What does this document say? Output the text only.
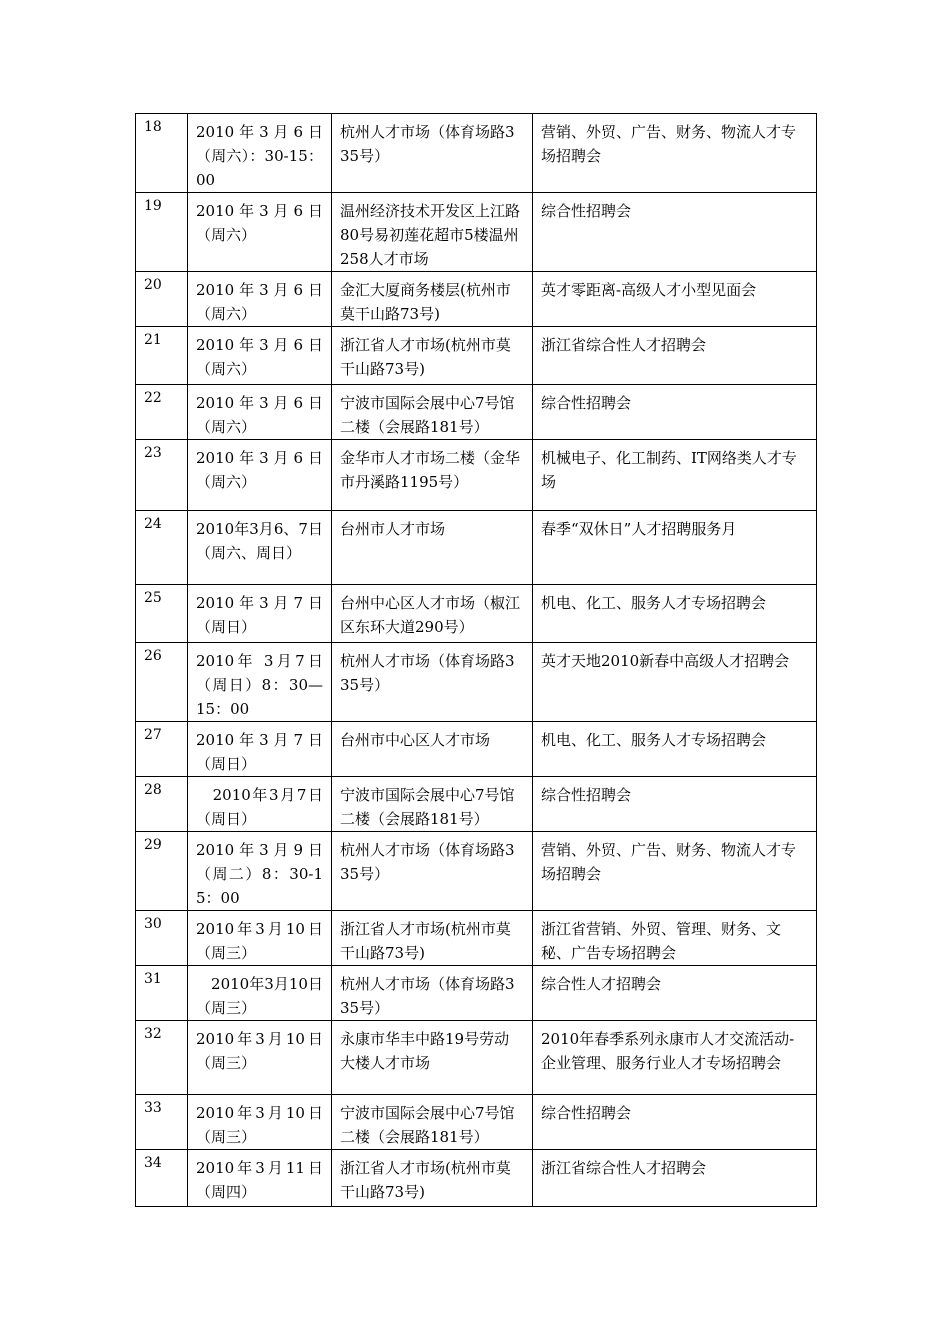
18	2010年3月6日（周六）：30-15：00	杭州人才市场（体育场路335号）	营销、外贸、广告、财务、物流人才专场招聘会
19	2010年3月6日（周六）	温州经济技术开发区上江路80号易初莲花超市5楼温州258人才市场	综合性招聘会
20	2010年3月6日（周六）	金汇大厦商务楼层(杭州市莫干山路73号)	英才零距离-高级人才小型见面会
21	2010年3月6日（周六）	浙江省人才市场(杭州市莫干山路73号)	浙江省综合性人才招聘会
22	2010年3月6日（周六）	宁波市国际会展中心7号馆二楼（会展路181号）	综合性招聘会
23	2010年3月6日（周六）	金华市人才市场二楼（金华市丹溪路1195号）	机械电子、化工制药、IT网络类人才专场
24	2010年3月6、7日（周六、周日）	台州市人才市场	春季“双休日”人才招聘服务月
25	2010年3月7日（周日）	台州中心区人才市场（椒江区东环大道290号）	机电、化工、服务人才专场招聘会
26	2010年 3月7日（周日）8：30—15：00	杭州人才市场（体育场路335号）	英才天地2010新春中高级人才招聘会
27	2010年3月7日（周日）	台州市中心区人才市场	机电、化工、服务人才专场招聘会
28	　2010年3月7日（周日）	宁波市国际会展中心7号馆二楼（会展路181号）	综合性招聘会
29	2010年3月9日（周二）8：30-15：00	杭州人才市场（体育场路335号）	营销、外贸、广告、财务、物流人才专场招聘会
30	2010年3月10日（周三）	浙江省人才市场(杭州市莫干山路73号)	浙江省营销、外贸、管理、财务、文秘、广告专场招聘会
31	　2010年3月10日（周三）	杭州人才市场（体育场路335号）	综合性人才招聘会
32	2010年3月10日（周三）	永康市华丰中路19号劳动大楼人才市场	2010年春季系列永康市人才交流活动-　企业管理、服务行业人才专场招聘会
33	2010年3月10日（周三）	宁波市国际会展中心7号馆二楼（会展路181号）	综合性招聘会
34	2010年3月11日（周四）	浙江省人才市场(杭州市莫干山路73号)	浙江省综合性人才招聘会
